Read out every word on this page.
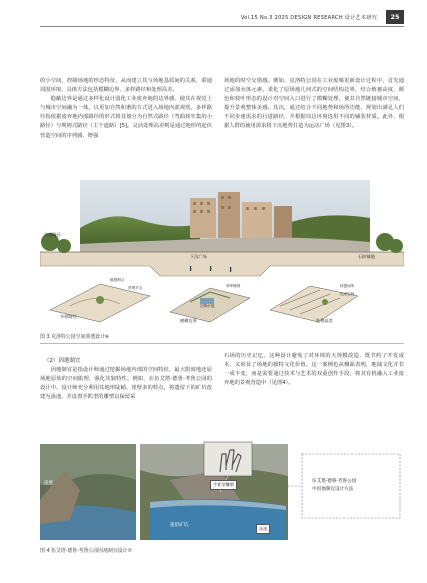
Vol.15 No.3 2025 DESIGN RESEARCH 设计艺术研究	25

的小空间，控制场地的形态特征，从而建立其与场地基质间的关系，联通周围环境，具体方法包括模糊边界、多样路径和处理高差。

隐蔽边界是通过多样化设计弱化工业废弃地的边界感，使其在视觉上与城市空间融为一体，以更加自然和谐的方式进入场地内部观赏。多样路径指依据废弃地内部路径的形式将其划分为自然式路径（弯曲狭窄集的小路径）与规则式路径（主干道路）[5]。灵活处理高差则是通过地形的起伏营造空间的序列感，增强

场地的时空交错感。例如，克洛特公园在工业废墟更新设计过程中，首先通过添加水体元素，柔化了原场地几何式的空间结构边界，结合植被高度、颜色和枝叶形态的设计对空间入口进行了模糊处理，使其自然链接城市空间，提升景观整体美感。其次，通过结合不同地势和场所功能，规划出满足人们不同步速需求的行进路径，并根据周边环境选用不同的铺装材质。此外，根据人群的使用需求将下沉地势打造为运动广场（见图3）。

自然路径
下沉广场	石阶铺地
多样路径
模糊边界	处理高差
植物围合
景观节点	草坪缓坡
沉降台地
休憩场所
运动空间
图 3 克洛特公园空间渗透设计⑥
（2）因地制宜

因地制宜是指设计师通过挖掘场地内部的空间特征，最大限度地还原场地原始的空间肌理，强化其独特性。例如，在伍艾塔·德鲁·考鲁公园的设计中，设计师充分利用其地形陡峭、崖壁多的特点，将遗留下的矿坑改建为泳池，并设置手抓型的雕塑以保留采

石场的历史记忆。这种设计避免了对环境的大规模改造，既节约了开发成本，又彰显了场地的独特文化价值。这一案例也从侧面表明，地域文化并非一成不变，而是需要通过技术与艺术的双重创作手段，将其有机融入工业废弃地的景观营造中（见图4）。

手抓型雕塑
崖壁
遗留矿坑
泳池
伍艾塔·德鲁·考鲁公园
中因地制宜设计方法
图 4 伍艾塔·德鲁·考鲁公园因地制宜设计⑦
